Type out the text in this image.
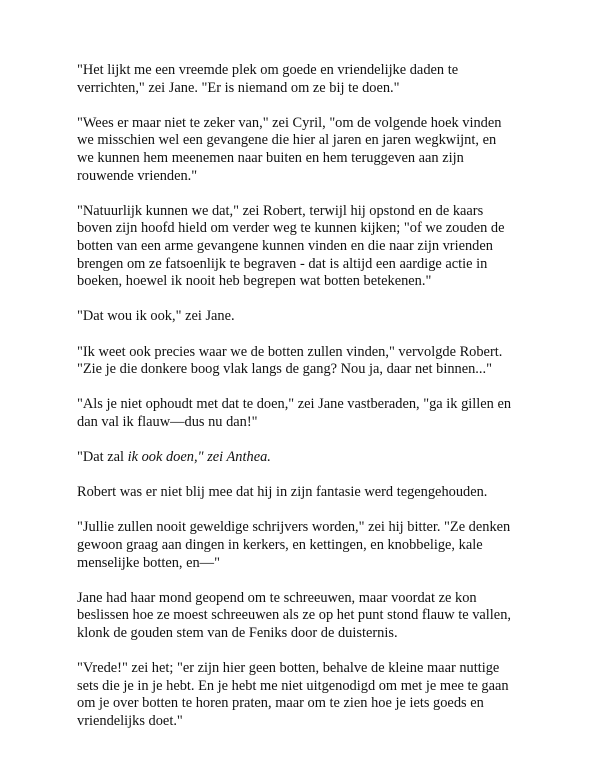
"Het lijkt me een vreemde plek om goede en vriendelijke daden te
verrichten," zei Jane. "Er is niemand om ze bij te doen."

"Wees er maar niet te zeker van," zei Cyril, "om de volgende hoek vinden
we misschien wel een gevangene die hier al jaren en jaren wegkwijnt, en
we kunnen hem meenemen naar buiten en hem teruggeven aan zijn
rouwende vrienden."

"Natuurlijk kunnen we dat," zei Robert, terwijl hij opstond en de kaars
boven zijn hoofd hield om verder weg te kunnen kijken; "of we zouden de
botten van een arme gevangene kunnen vinden en die naar zijn vrienden
brengen om ze fatsoenlijk te begraven - dat is altijd een aardige actie in
boeken, hoewel ik nooit heb begrepen wat botten betekenen."

"Dat wou ik ook," zei Jane.

"Ik weet ook precies waar we de botten zullen vinden," vervolgde Robert.
"Zie je die donkere boog vlak langs de gang? Nou ja, daar net binnen..."

"Als je niet ophoudt met dat te doen," zei Jane vastberaden, "ga ik gillen en
dan val ik flauw—dus nu dan!"

"Dat zal ik ook doen," zei Anthea.

Robert was er niet blij mee dat hij in zijn fantasie werd tegengehouden.

"Jullie zullen nooit geweldige schrijvers worden," zei hij bitter. "Ze denken
gewoon graag aan dingen in kerkers, en kettingen, en knobbelige, kale
menselijke botten, en—"

Jane had haar mond geopend om te schreeuwen, maar voordat ze kon
beslissen hoe ze moest schreeuwen als ze op het punt stond flauw te vallen,
klonk de gouden stem van de Feniks door de duisternis.

"Vrede!" zei het; "er zijn hier geen botten, behalve de kleine maar nuttige
sets die je in je hebt. En je hebt me niet uitgenodigd om met je mee te gaan
om je over botten te horen praten, maar om te zien hoe je iets goeds en
vriendelijks doet."
